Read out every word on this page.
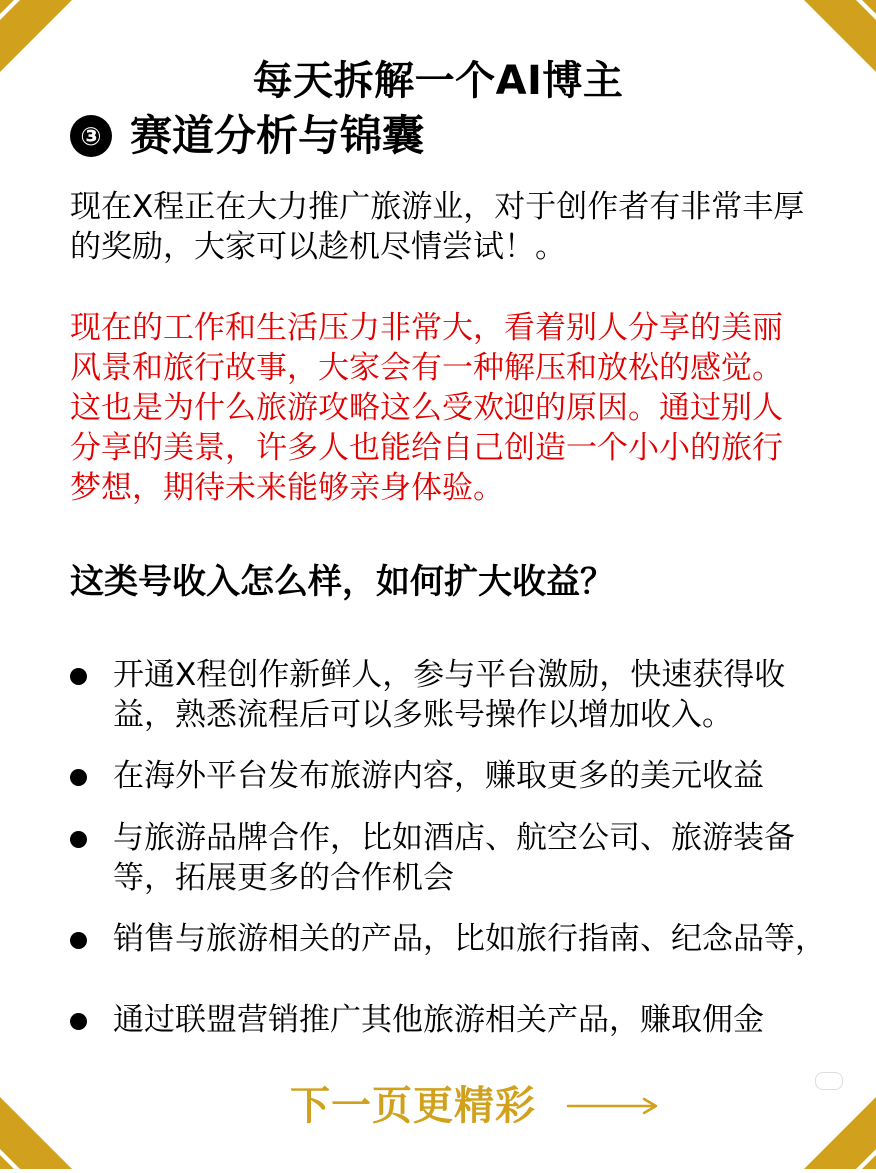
每天拆解一个AI博主
③ 赛道分析与锦囊

现在X程正在大力推广旅游业，对于创作者有非常丰厚的奖励，大家可以趁机尽情尝试！。

现在的工作和生活压力非常大，看着别人分享的美丽风景和旅行故事，大家会有一种解压和放松的感觉。这也是为什么旅游攻略这么受欢迎的原因。通过别人分享的美景，许多人也能给自己创造一个小小的旅行梦想，期待未来能够亲身体验。

这类号收入怎么样，如何扩大收益？
开通X程创作新鲜人，参与平台激励，快速获得收益，熟悉流程后可以多账号操作以增加收入。
在海外平台发布旅游内容，赚取更多的美元收益
与旅游品牌合作，比如酒店、航空公司、旅游装备等，拓展更多的合作机会
销售与旅游相关的产品，比如旅行指南、纪念品等，
通过联盟营销推广其他旅游相关产品，赚取佣金
下一页更精彩
